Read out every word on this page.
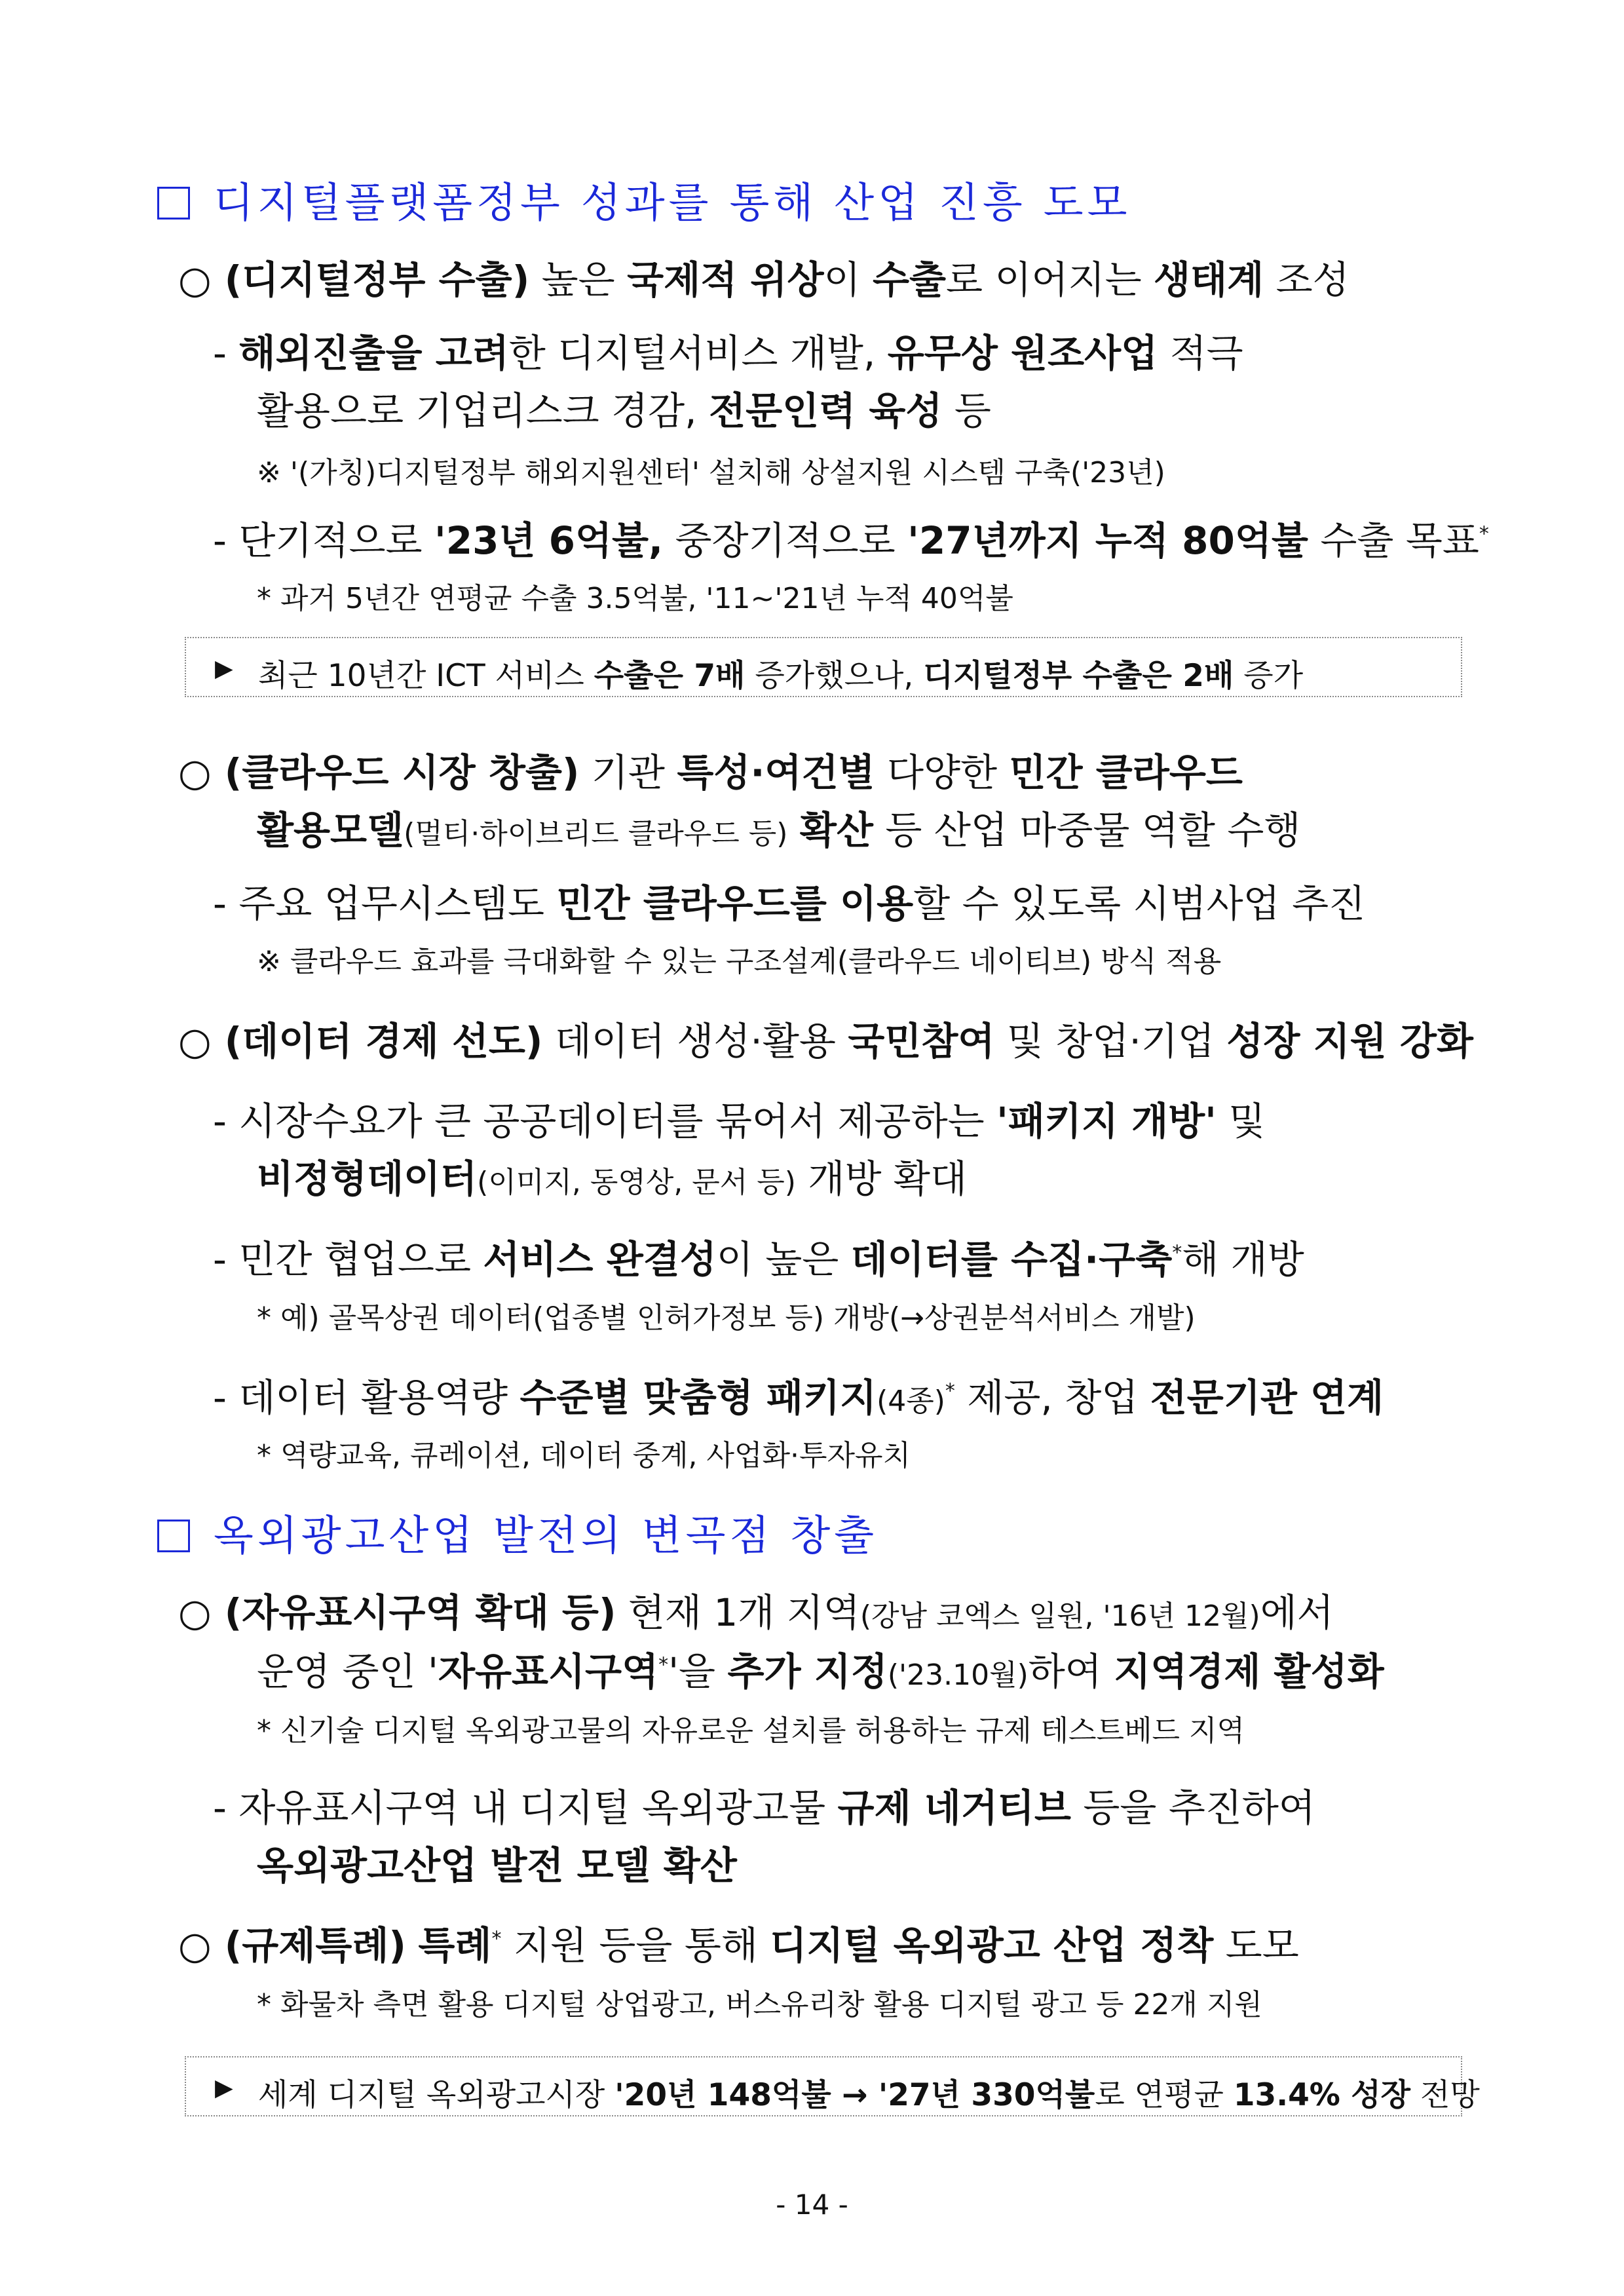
디지털플랫폼정부 성과를 통해 산업 진흥 도모
○ (디지털정부 수출) 높은 국제적 위상이 수출로 이어지는 생태계 조성
- 해외진출을 고려한 디지털서비스 개발, 유무상 원조사업 적극
활용으로 기업리스크 경감, 전문인력 육성 등
※ '(가칭)디지털정부 해외지원센터' 설치해 상설지원 시스템 구축('23년)
- 단기적으로 '23년 6억불, 중장기적으로 '27년까지 누적 80억불 수출 목표*
* 과거 5년간 연평균 수출 3.5억불, '11~'21년 누적 40억불
▶ 최근 10년간 ICT 서비스 수출은 7배 증가했으나, 디지털정부 수출은 2배 증가
○ (클라우드 시장 창출) 기관 특성·여건별 다양한 민간 클라우드
활용모델(멀티·하이브리드 클라우드 등) 확산 등 산업 마중물 역할 수행
- 주요 업무시스템도 민간 클라우드를 이용할 수 있도록 시범사업 추진
※ 클라우드 효과를 극대화할 수 있는 구조설계(클라우드 네이티브) 방식 적용
○ (데이터 경제 선도) 데이터 생성·활용 국민참여 및 창업·기업 성장 지원 강화
- 시장수요가 큰 공공데이터를 묶어서 제공하는 '패키지 개방' 및
비정형데이터(이미지, 동영상, 문서 등) 개방 확대
- 민간 협업으로 서비스 완결성이 높은 데이터를 수집·구축*해 개방
* 예) 골목상권 데이터(업종별 인허가정보 등) 개방(→상권분석서비스 개발)
- 데이터 활용역량 수준별 맞춤형 패키지(4종)* 제공, 창업 전문기관 연계
* 역량교육, 큐레이션, 데이터 중계, 사업화·투자유치
옥외광고산업 발전의 변곡점 창출
○ (자유표시구역 확대 등) 현재 1개 지역(강남 코엑스 일원, '16년 12월)에서
운영 중인 '자유표시구역*'을 추가 지정('23.10월)하여 지역경제 활성화
* 신기술 디지털 옥외광고물의 자유로운 설치를 허용하는 규제 테스트베드 지역
- 자유표시구역 내 디지털 옥외광고물 규제 네거티브 등을 추진하여
옥외광고산업 발전 모델 확산
○ (규제특례) 특례* 지원 등을 통해 디지털 옥외광고 산업 정착 도모
* 화물차 측면 활용 디지털 상업광고, 버스유리창 활용 디지털 광고 등 22개 지원
▶ 세계 디지털 옥외광고시장 '20년 148억불 → '27년 330억불로 연평균 13.4% 성장 전망
- 14 -
